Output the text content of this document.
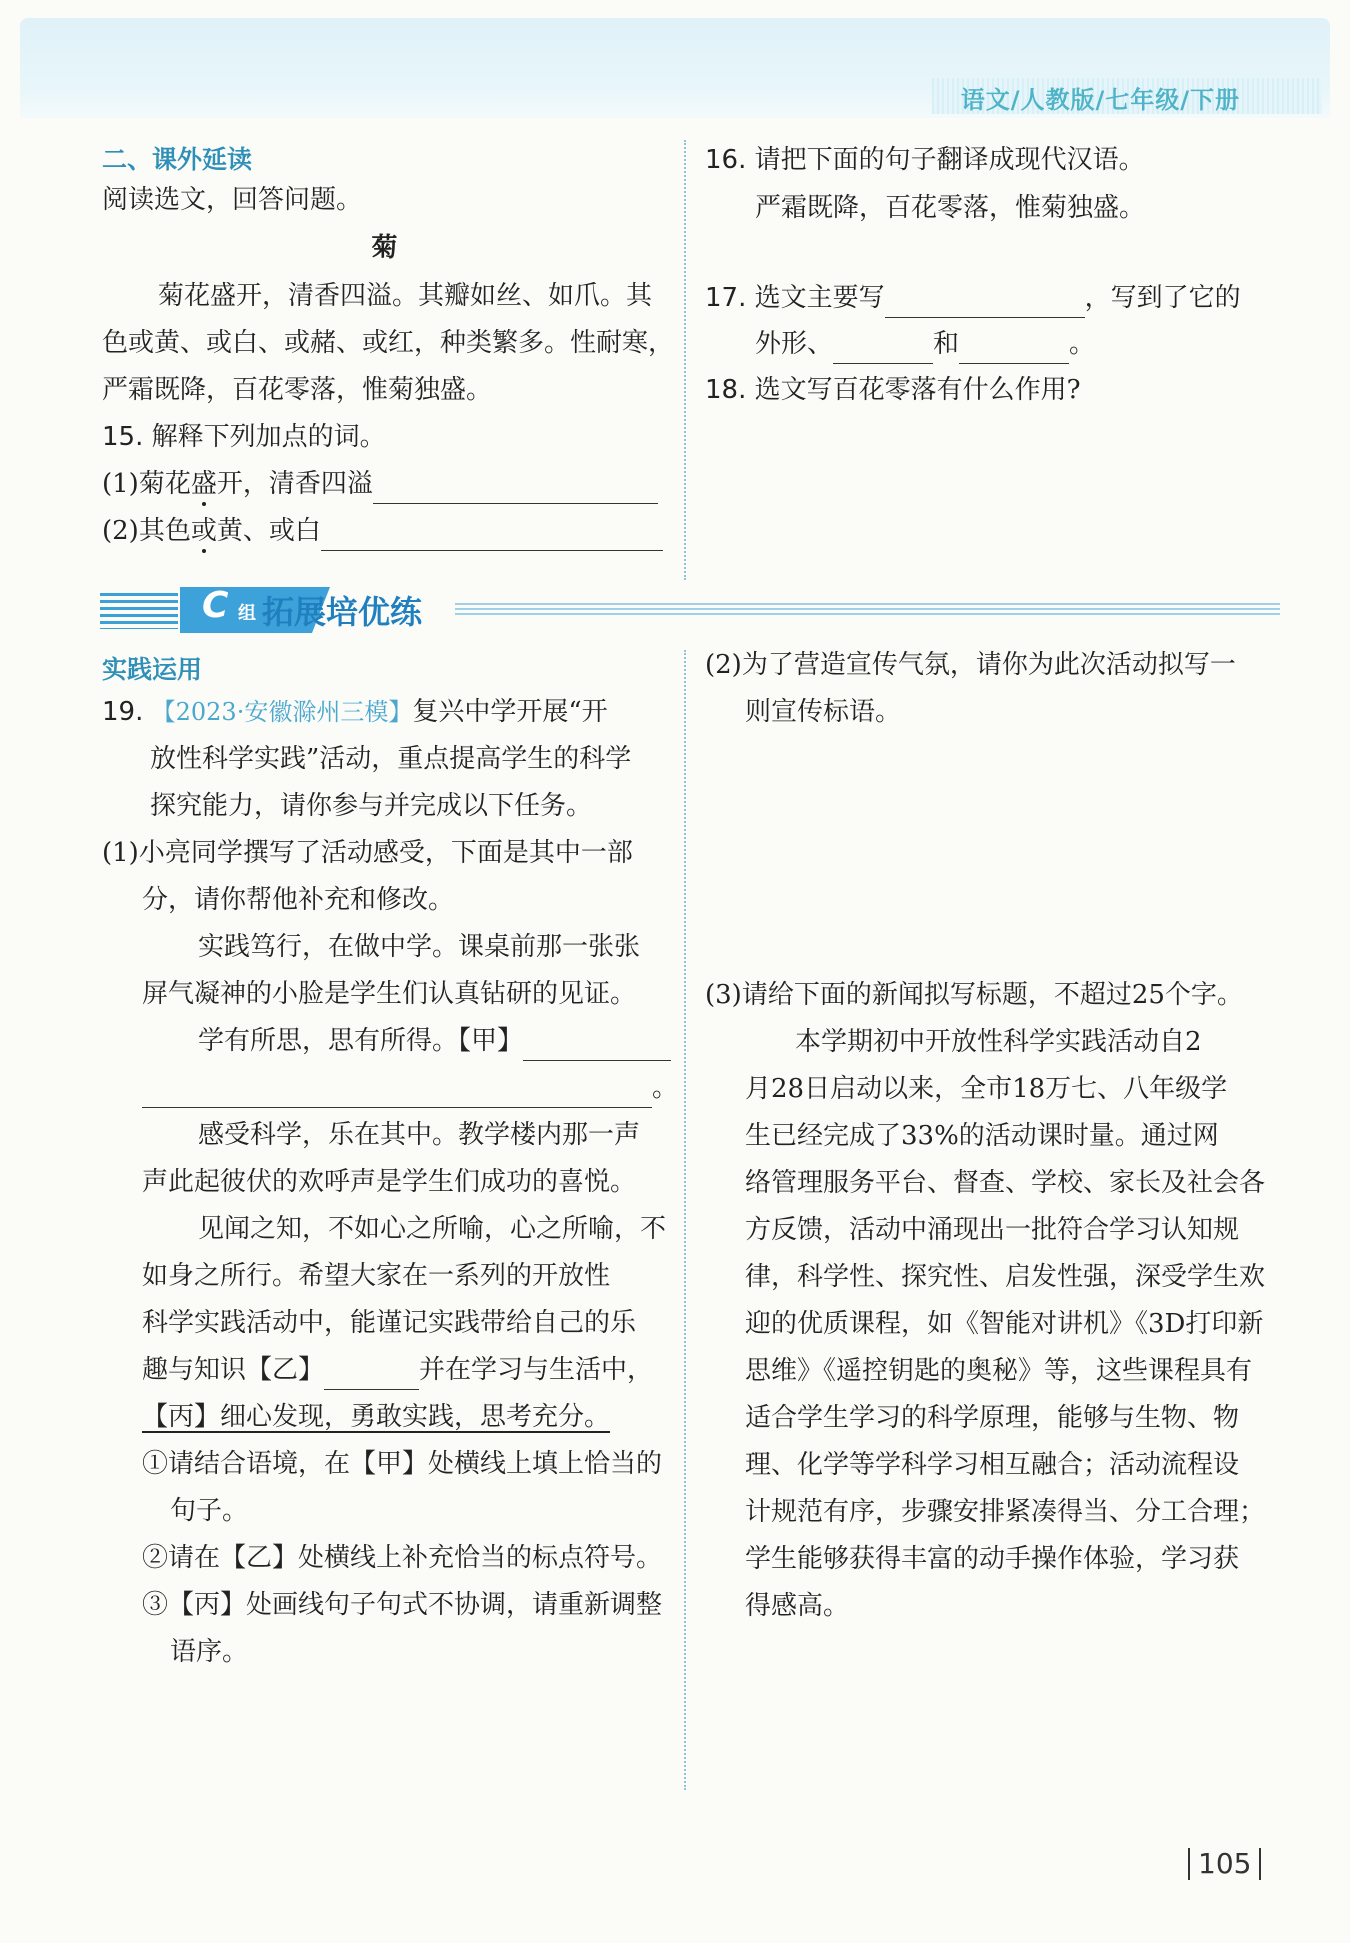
语文/人教版/七年级/下册
二、课外延读
阅读选文，回答问题。
菊
菊花盛开，清香四溢。其瓣如丝、如爪。其
色或黄、或白、或赭、或红，种类繁多。性耐寒，
严霜既降，百花零落，惟菊独盛。
15. 解释下列加点的词。
(1)菊花盛开，清香四溢
(2)其色或黄、或白
16. 请把下面的句子翻译成现代汉语。
严霜既降，百花零落，惟菊独盛。
17. 选文主要写	，写到了它的
外形、	和	。
18. 选文写百花零落有什么作用?
C 组 拓展培优练
实践运用
19. 【2023·安徽滁州三模】复兴中学开展“开
放性科学实践”活动，重点提高学生的科学
探究能力，请你参与并完成以下任务。
(1)小亮同学撰写了活动感受，下面是其中一部
分，请你帮他补充和修改。
实践笃行，在做中学。课桌前那一张张
屏气凝神的小脸是学生们认真钻研的见证。
学有所思，思有所得。【甲】
。
感受科学，乐在其中。教学楼内那一声
声此起彼伏的欢呼声是学生们成功的喜悦。
见闻之知，不如心之所喻，心之所喻，不
如身之所行。希望大家在一系列的开放性
科学实践活动中，能谨记实践带给自己的乐
趣与知识【乙】	并在学习与生活中，
【丙】细心发现，勇敢实践，思考充分。
①请结合语境，在【甲】处横线上填上恰当的
句子。
②请在【乙】处横线上补充恰当的标点符号。
③【丙】处画线句子句式不协调，请重新调整
语序。
(2)为了营造宣传气氛，请你为此次活动拟写一
则宣传标语。
(3)请给下面的新闻拟写标题，不超过25个字。
本学期初中开放性科学实践活动自2
月28日启动以来，全市18万七、八年级学
生已经完成了33%的活动课时量。通过网
络管理服务平台、督查、学校、家长及社会各
方反馈，活动中涌现出一批符合学习认知规
律，科学性、探究性、启发性强，深受学生欢
迎的优质课程，如《智能对讲机》《3D打印新
思维》《遥控钥匙的奥秘》等，这些课程具有
适合学生学习的科学原理，能够与生物、物
理、化学等学科学习相互融合；活动流程设
计规范有序，步骤安排紧凑得当、分工合理；
学生能够获得丰富的动手操作体验，学习获
得感高。
105
